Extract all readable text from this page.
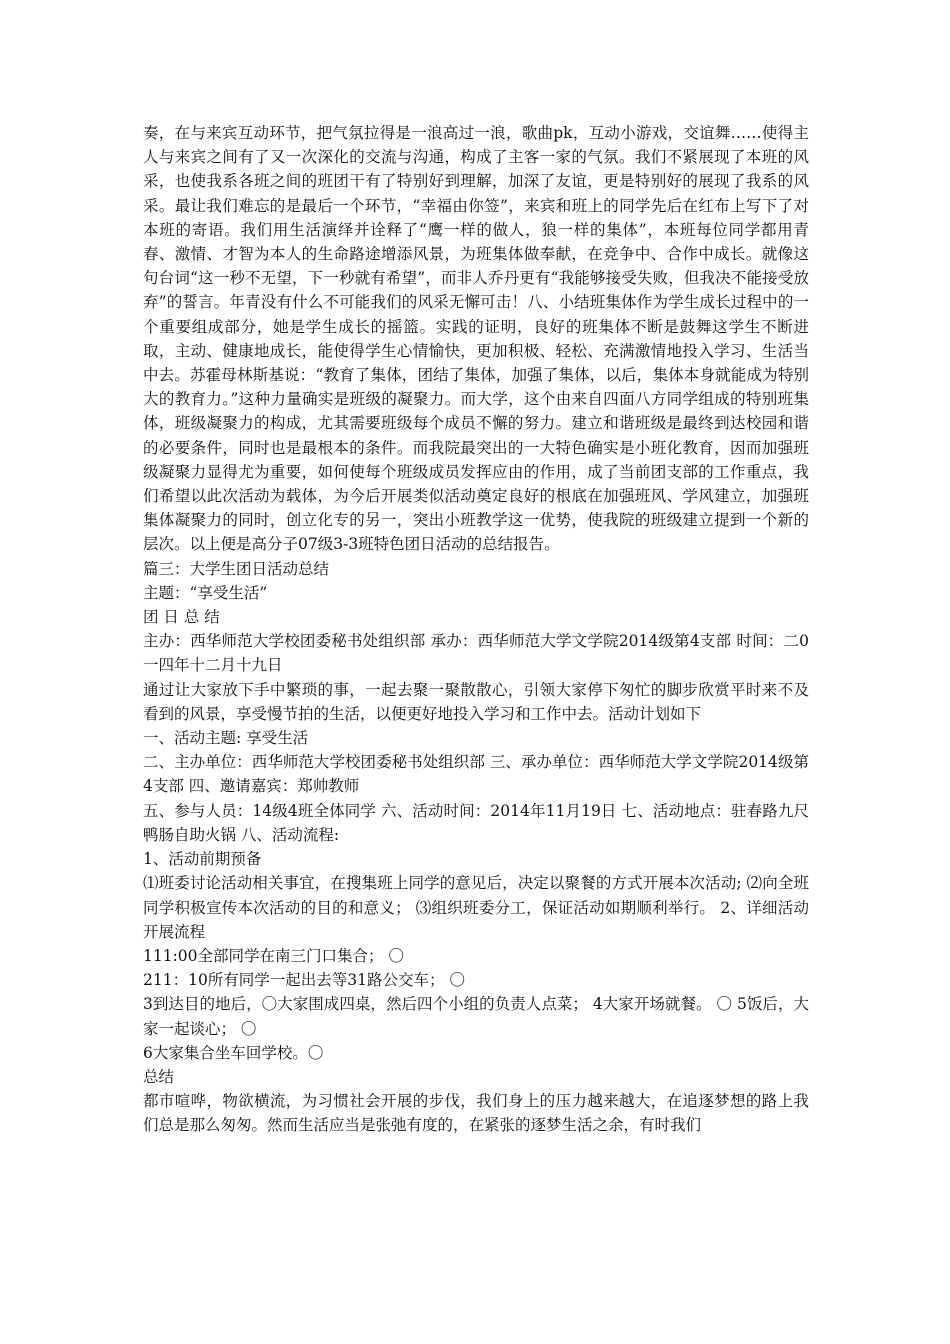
奏，在与来宾互动环节，把气氛拉得是一浪高过一浪，歌曲pk，互动小游戏，交谊舞……使得主人与来宾之间有了又一次深化的交流与沟通，构成了主客一家的气氛。我们不紧展现了本班的风采，也使我系各班之间的班团干有了特别好到理解，加深了友谊，更是特别好的展现了我系的风采。最让我们难忘的是最后一个环节，“幸福由你签”，来宾和班上的同学先后在红布上写下了对本班的寄语。我们用生活演绎并诠释了“鹰一样的做人，狼一样的集体”，本班每位同学都用青春、激情、才智为本人的生命路途增添风景，为班集体做奉献，在竞争中、合作中成长。就像这句台词“这一秒不无望，下一秒就有希望”，而非人乔丹更有“我能够接受失败，但我决不能接受放弃”的誓言。年青没有什么不可能我们的风采无懈可击！八、小结班集体作为学生成长过程中的一个重要组成部分，她是学生成长的摇篮。实践的证明，良好的班集体不断是鼓舞这学生不断进取，主动、健康地成长，能使得学生心情愉快，更加积极、轻松、充满激情地投入学习、生活当中去。苏霍母林斯基说：“教育了集体，团结了集体，加强了集体，以后，集体本身就能成为特别大的教育力。”这种力量确实是班级的凝聚力。而大学，这个由来自四面八方同学组成的特别班集体，班级凝聚力的构成，尤其需要班级每个成员不懈的努力。建立和谐班级是最终到达校园和谐的必要条件，同时也是最根本的条件。而我院最突出的一大特色确实是小班化教育，因而加强班级凝聚力显得尤为重要，如何使每个班级成员发挥应由的作用，成了当前团支部的工作重点，我们希望以此次活动为载体，为今后开展类似活动奠定良好的根底在加强班风、学风建立，加强班集体凝聚力的同时，创立化专的另一，突出小班教学这一优势，使我院的班级建立提到一个新的层次。以上便是高分子07级3-3班特色团日活动的总结报告。

篇三：大学生团日活动总结

主题：“享受生活”

团 日 总 结

主办：西华师范大学校团委秘书处组织部 承办：西华师范大学文学院2014级第4支部 时间：二0一四年十二月十九日

通过让大家放下手中繁琐的事，一起去聚一聚散散心，引领大家停下匆忙的脚步欣赏平时来不及看到的风景，享受慢节拍的生活，以便更好地投入学习和工作中去。活动计划如下

一、活动主题: 享受生活

二、主办单位：西华师范大学校团委秘书处组织部 三、承办单位：西华师范大学文学院2014级第4支部 四、邀请嘉宾：郑帅教师

五、参与人员：14级4班全体同学 六、活动时间：2014年11月19日 七、活动地点：驻春路九尺鸭肠自助火锅 八、活动流程:

1、活动前期预备

⑴班委讨论活动相关事宜，在搜集班上同学的意见后，决定以聚餐的方式开展本次活动; ⑵向全班同学积极宣传本次活动的目的和意义； ⑶组织班委分工，保证活动如期顺利举行。 2、详细活动开展流程

111:00全部同学在南三门口集合； 〇

211：10所有同学一起出去等31路公交车； 〇

3到达目的地后，〇大家围成四桌，然后四个小组的负责人点菜； 4大家开场就餐。 〇 5饭后，大家一起谈心； 〇

6大家集合坐车回学校。〇

总结

都市喧哗，物欲横流，为习惯社会开展的步伐，我们身上的压力越来越大，在追逐梦想的路上我们总是那么匆匆。然而生活应当是张弛有度的，在紧张的逐梦生活之余，有时我们
